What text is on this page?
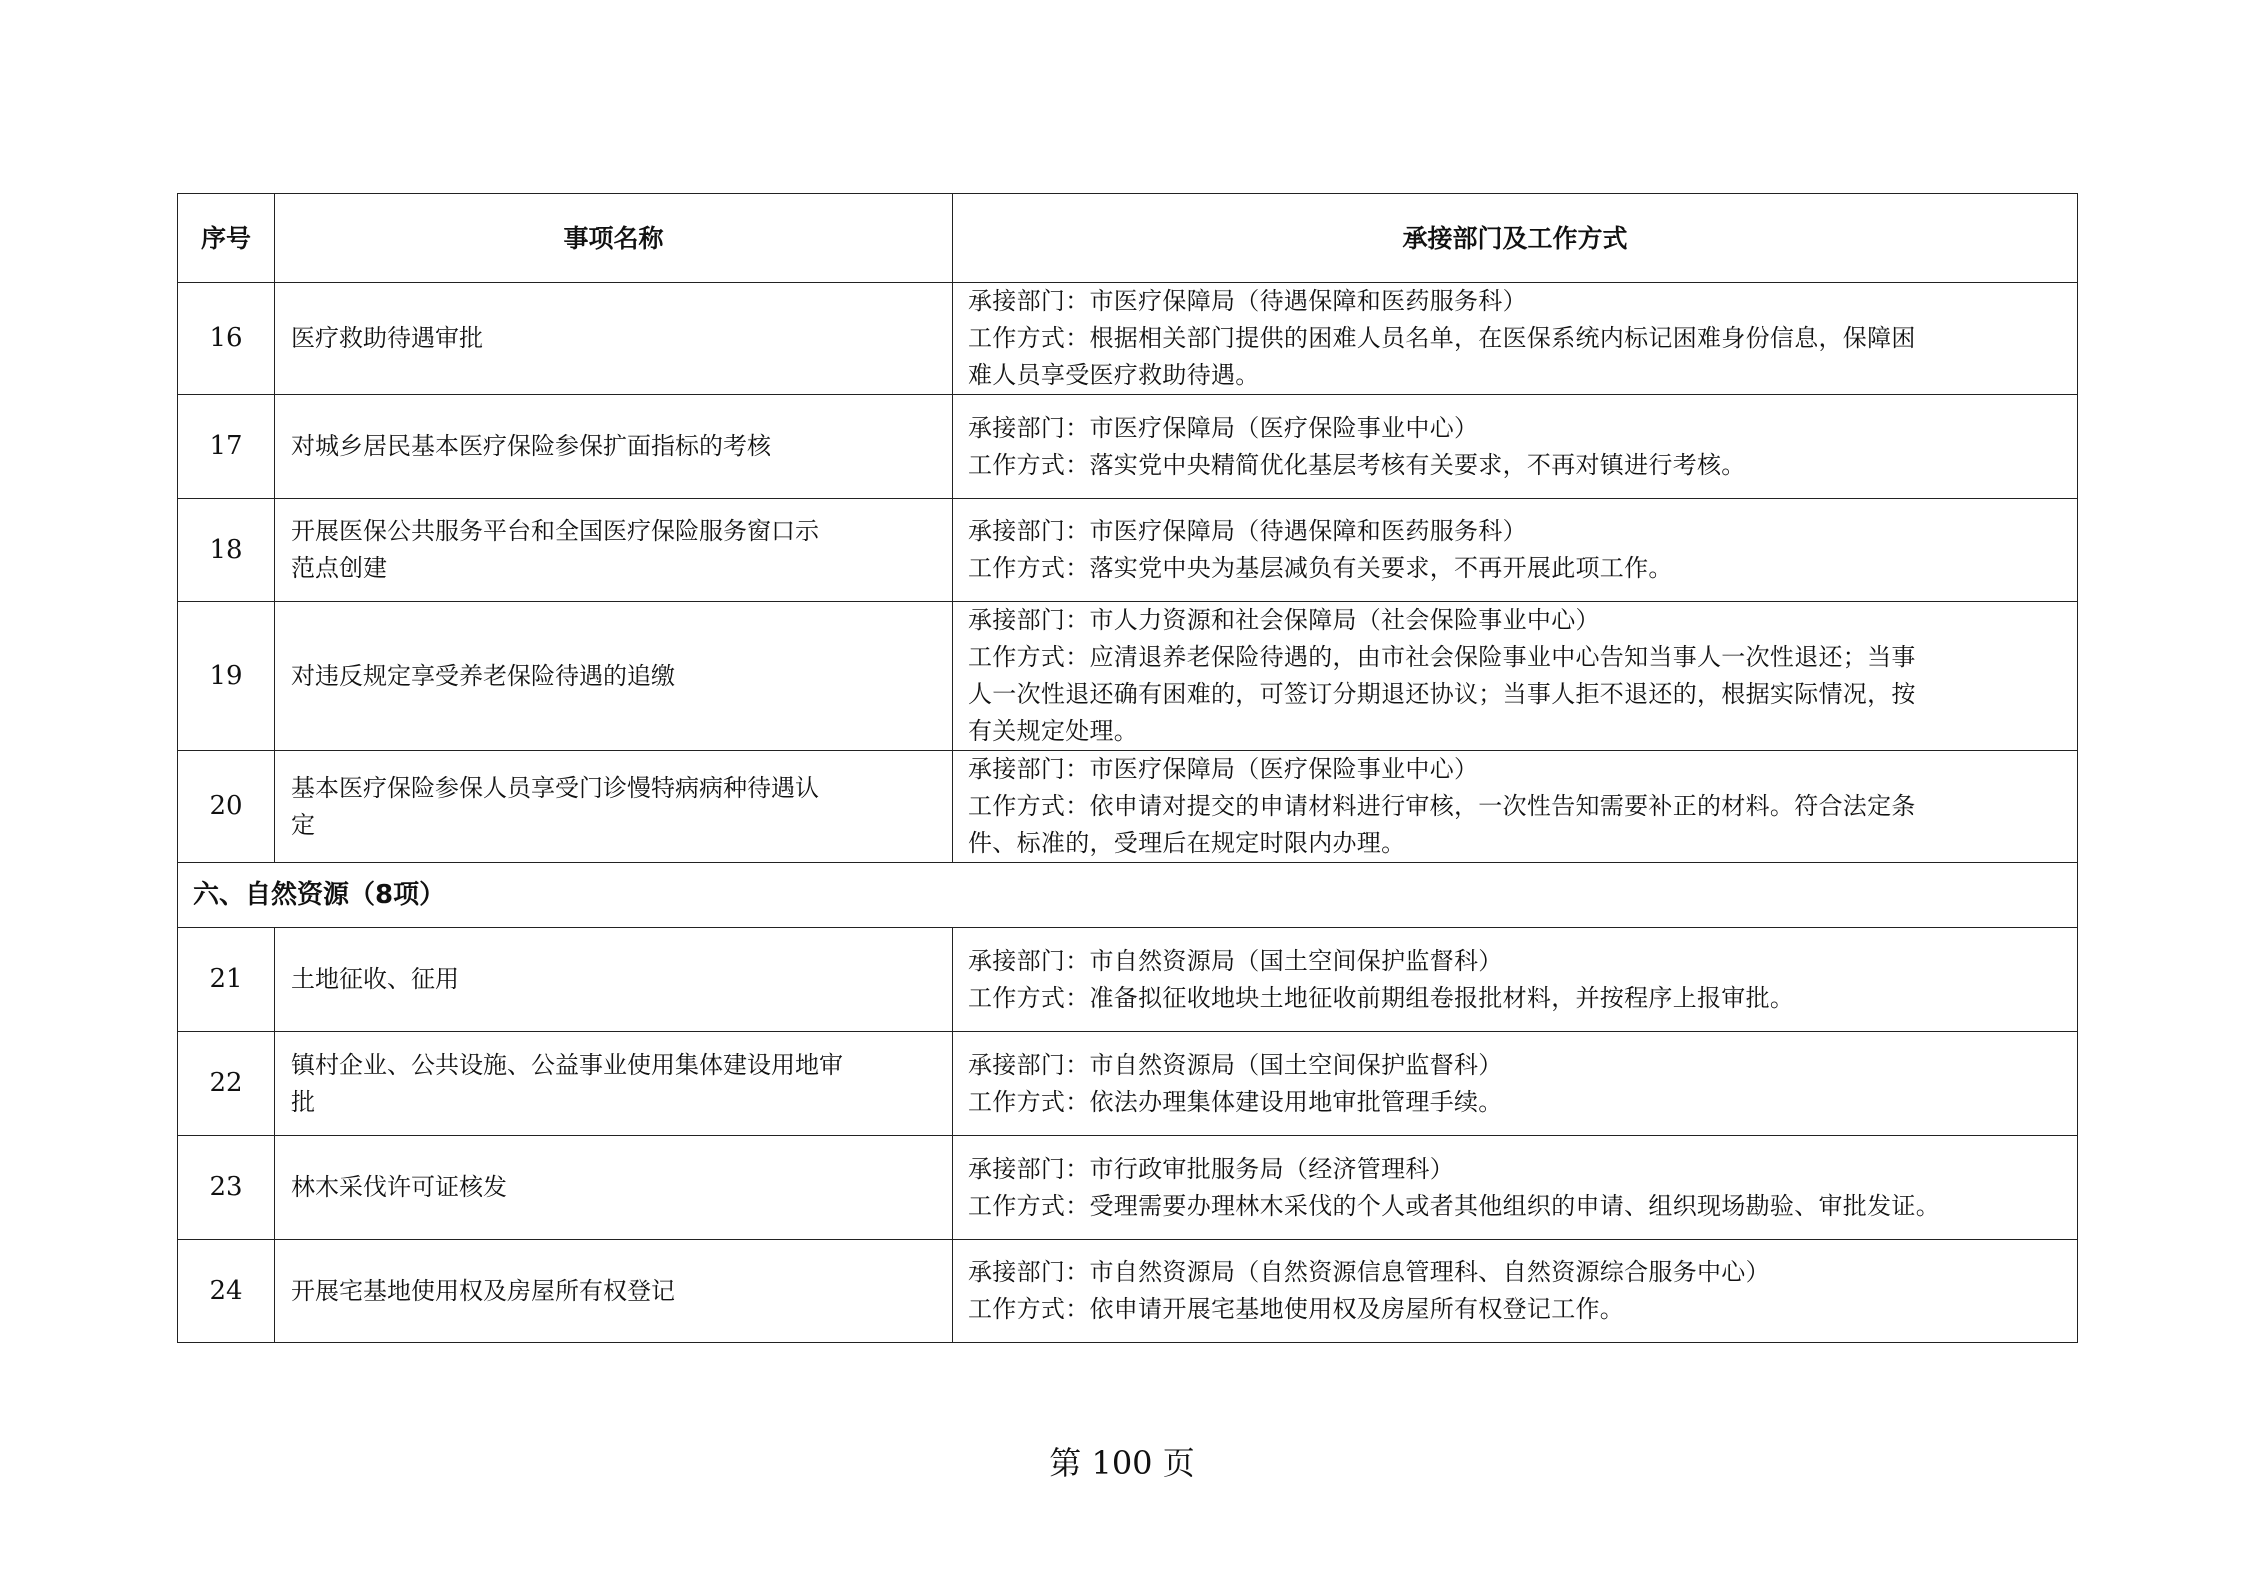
序号	事项名称	承接部门及工作方式
16	医疗救助待遇审批	承接部门：市医疗保障局（待遇保障和医药服务科）
工作方式：根据相关部门提供的困难人员名单，在医保系统内标记困难身份信息，保障困
难人员享受医疗救助待遇。

17	对城乡居民基本医疗保险参保扩面指标的考核	承接部门：市医疗保障局（医疗保险事业中心）
工作方式：落实党中央精简优化基层考核有关要求，不再对镇进行考核。

18	开展医保公共服务平台和全国医疗保险服务窗口示
范点创建	承接部门：市医疗保障局（待遇保障和医药服务科）
工作方式：落实党中央为基层减负有关要求，不再开展此项工作。

19	对违反规定享受养老保险待遇的追缴	承接部门：市人力资源和社会保障局（社会保险事业中心）
工作方式：应清退养老保险待遇的，由市社会保险事业中心告知当事人一次性退还；当事
人一次性退还确有困难的，可签订分期退还协议；当事人拒不退还的，根据实际情况，按
有关规定处理。

20	基本医疗保险参保人员享受门诊慢特病病种待遇认
定	承接部门：市医疗保障局（医疗保险事业中心）
工作方式：依申请对提交的申请材料进行审核，一次性告知需要补正的材料。符合法定条
件、标准的，受理后在规定时限内办理。

六、自然资源（8项）		
21	土地征收、征用	承接部门：市自然资源局（国土空间保护监督科）
工作方式：准备拟征收地块土地征收前期组卷报批材料，并按程序上报审批。

22	镇村企业、公共设施、公益事业使用集体建设用地审
批	承接部门：市自然资源局（国土空间保护监督科）
工作方式：依法办理集体建设用地审批管理手续。

23	林木采伐许可证核发	承接部门：市行政审批服务局（经济管理科）
工作方式：受理需要办理林木采伐的个人或者其他组织的申请、组织现场勘验、审批发证。

24	开展宅基地使用权及房屋所有权登记	承接部门：市自然资源局（自然资源信息管理科、自然资源综合服务中心）
工作方式：依申请开展宅基地使用权及房屋所有权登记工作。
第 100 页
